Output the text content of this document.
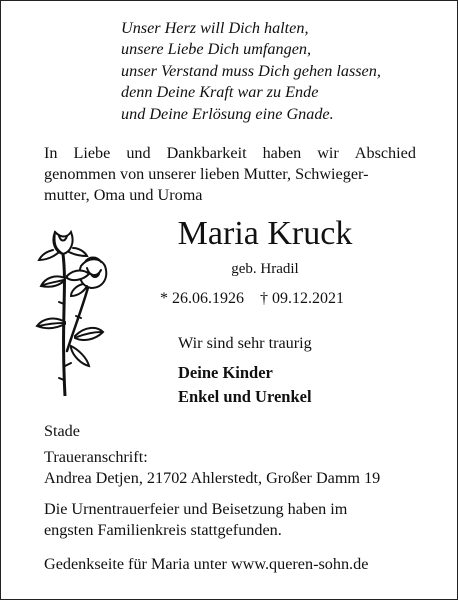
Unser Herz will Dich halten,
unsere Liebe Dich umfangen,
unser Verstand muss Dich gehen lassen,
denn Deine Kraft war zu Ende
und Deine Erlösung eine Gnade.
In Liebe und Dankbarkeit haben wir Abschied
genommen von unserer lieben Mutter, Schwieger-
mutter, Oma und Uroma
Maria Kruck
geb. Hradil
* 26.06.1926 † 09.12.2021
Wir sind sehr traurig
Deine Kinder
Enkel und Urenkel
Stade
Traueranschrift:
Andrea Detjen, 21702 Ahlerstedt, Großer Damm 19
Die Urnentrauerfeier und Beisetzung haben im
engsten Familienkreis stattgefunden.
Gedenkseite für Maria unter www.queren-sohn.de
